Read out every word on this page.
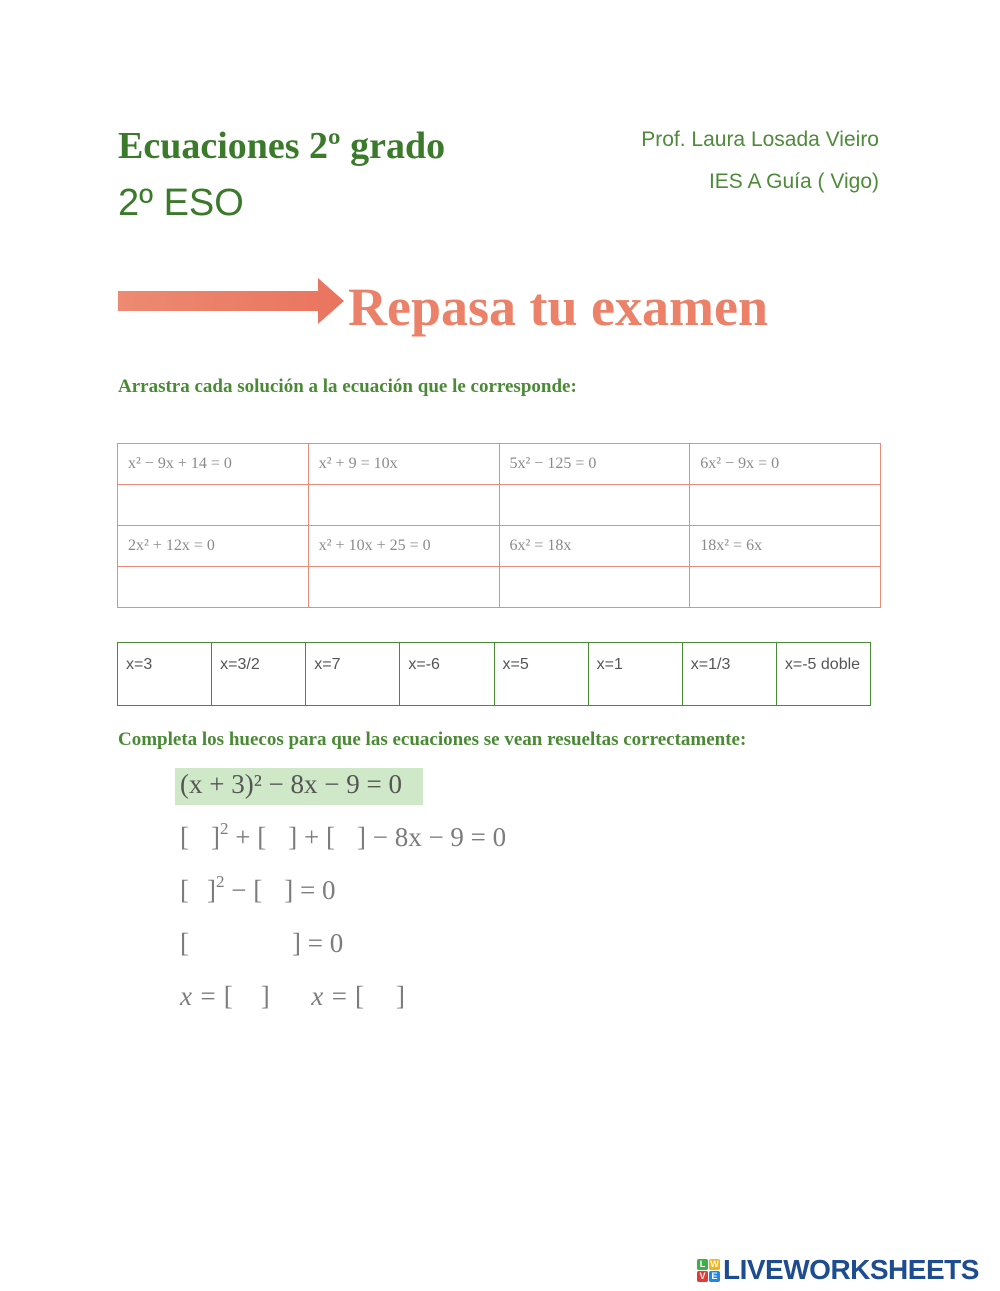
Ecuaciones 2º grado
2º ESO
Prof. Laura Losada Vieiro
IES A Guía ( Vigo)
Repasa tu examen
Arrastra cada solución a la ecuación que le corresponde:
x² − 9x + 14 = 0	x² + 9 = 10x	5x² − 125 = 0	6x² − 9x = 0

2x² + 12x = 0	x² + 10x + 25 = 0	6x² = 18x	18x² = 6x

x=3	x=3/2	x=7	x=-6	x=5	x=1	x=1/3	x=-5 doble
Completa los huecos para que las ecuaciones se vean resueltas correctamente:
(x + 3)² − 8x − 9 = 0
[ ]$^2$ + [ ] + [ ] − 8x − 9 = 0
[ ]$^2$ − [ ] = 0
[	] = 0
x = [ ] x = [ ]
L W
V E LIVEWORKSHEETS
